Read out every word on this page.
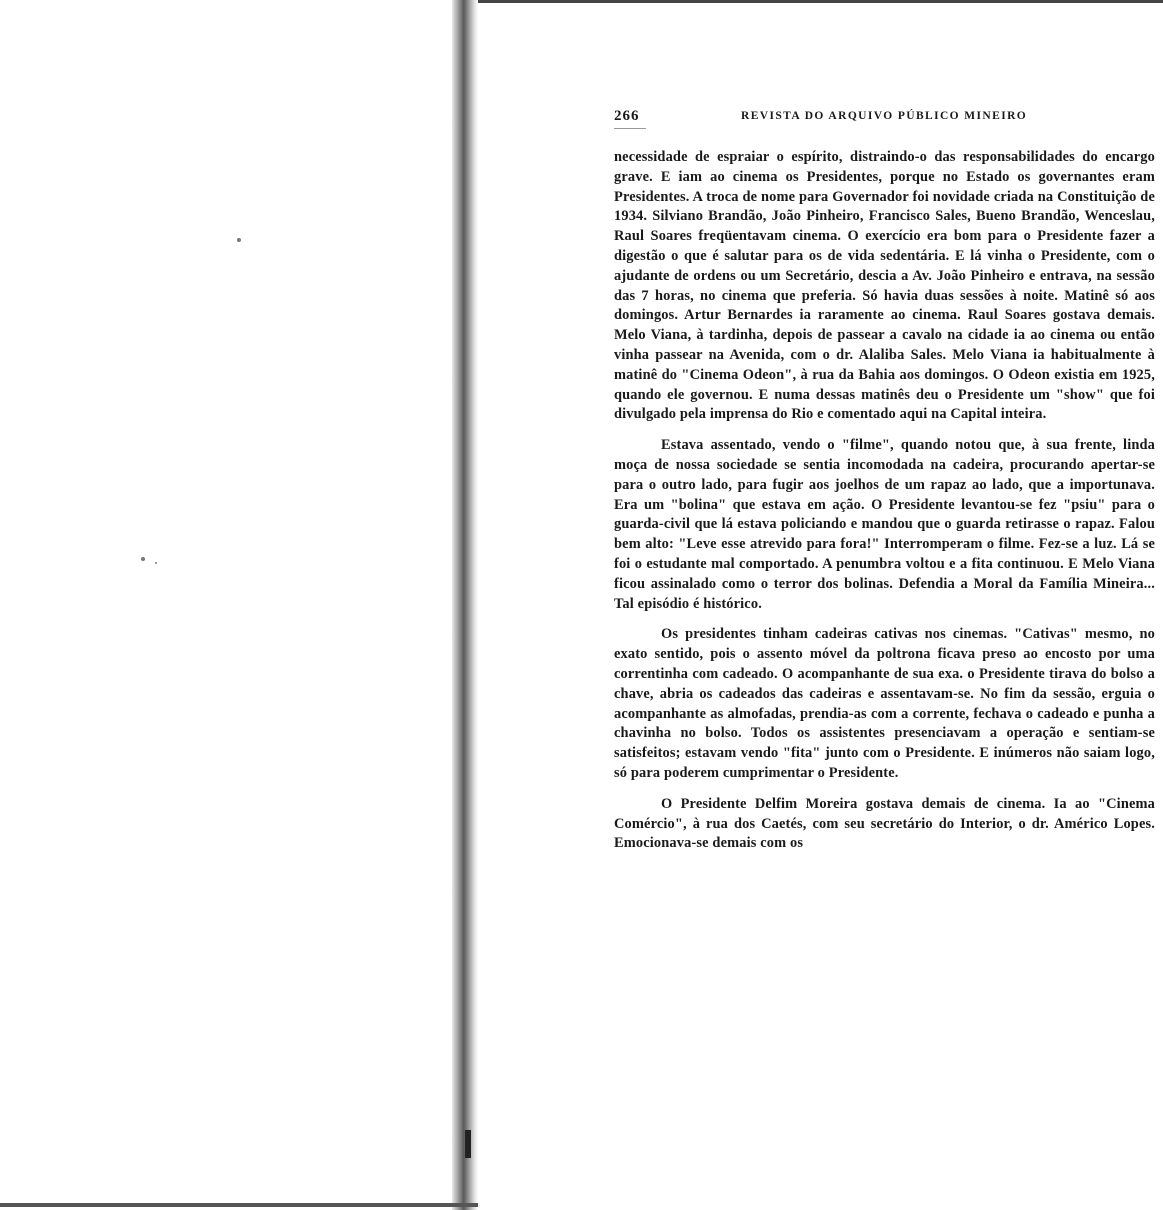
266	REVISTA DO ARQUIVO PÚBLICO MINEIRO

necessidade de espraiar o espírito, distraindo-o das responsabilidades do encargo grave. E iam ao cinema os Presidentes, porque no Estado os governantes eram Presidentes. A troca de nome para Governador foi novidade criada na Constituição de 1934. Silviano Brandão, João Pinheiro, Francisco Sales, Bueno Brandão, Wenceslau, Raul Soares freqüentavam cinema. O exercício era bom para o Presidente fazer a digestão o que é salutar para os de vida sedentária. E lá vinha o Presidente, com o ajudante de ordens ou um Secretário, descia a Av. João Pinheiro e entrava, na sessão das 7 horas, no cinema que preferia. Só havia duas sessões à noite. Matinê só aos domingos. Artur Bernardes ia raramente ao cinema. Raul Soares gostava demais. Melo Viana, à tardinha, depois de passear a cavalo na cidade ia ao cinema ou então vinha passear na Avenida, com o dr. Alaliba Sales. Melo Viana ia habitualmente à matinê do "Cinema Odeon", à rua da Bahia aos domingos. O Odeon existia em 1925, quando ele governou. E numa dessas matinês deu o Presidente um "show" que foi divulgado pela imprensa do Rio e comentado aqui na Capital inteira.

Estava assentado, vendo o "filme", quando notou que, à sua frente, linda moça de nossa sociedade se sentia incomodada na cadeira, procurando apertar-se para o outro lado, para fugir aos joelhos de um rapaz ao lado, que a importunava. Era um "bolina" que estava em ação. O Presidente levantou-se fez "psiu" para o guarda-civil que lá estava policiando e mandou que o guarda retirasse o rapaz. Falou bem alto: "Leve esse atrevido para fora!" Interromperam o filme. Fez-se a luz. Lá se foi o estudante mal comportado. A penumbra voltou e a fita continuou. E Melo Viana ficou assinalado como o terror dos bolinas. Defendia a Moral da Família Mineira... Tal episódio é histórico.

Os presidentes tinham cadeiras cativas nos cinemas. "Cativas" mesmo, no exato sentido, pois o assento móvel da poltrona ficava preso ao encosto por uma correntinha com cadeado. O acompanhante de sua exa. o Presidente tirava do bolso a chave, abria os cadeados das cadeiras e assentavam-se. No fim da sessão, erguia o acompanhante as almofadas, prendia-as com a corrente, fechava o cadeado e punha a chavinha no bolso. Todos os assistentes presenciavam a operação e sentiam-se satisfeitos; estavam vendo "fita" junto com o Presidente. E inúmeros não saiam logo, só para poderem cumprimentar o Presidente.

O Presidente Delfim Moreira gostava demais de cinema. Ia ao "Cinema Comércio", à rua dos Caetés, com seu secretário do Interior, o dr. Américo Lopes. Emocionava-se demais com os
